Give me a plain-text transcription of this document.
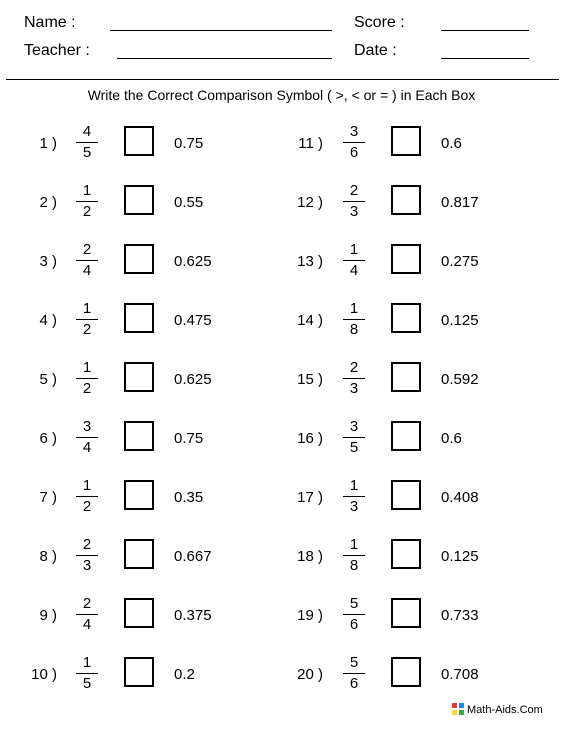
Name :
Teacher :
Score :
Date :
Write the Correct Comparison Symbol ( >, < or = ) in Each Box
1 )
4
5
0.75
2 )
1
2
0.55
3 )
2
4
0.625
4 )
1
2
0.475
5 )
1
2
0.625
6 )
3
4
0.75
7 )
1
2
0.35
8 )
2
3
0.667
9 )
2
4
0.375
10 )
1
5
0.2
11 )
3
6
0.6
12 )
2
3
0.817
13 )
1
4
0.275
14 )
1
8
0.125
15 )
2
3
0.592
16 )
3
5
0.6
17 )
1
3
0.408
18 )
1
8
0.125
19 )
5
6
0.733
20 )
5
6
0.708
Math-Aids.Com
